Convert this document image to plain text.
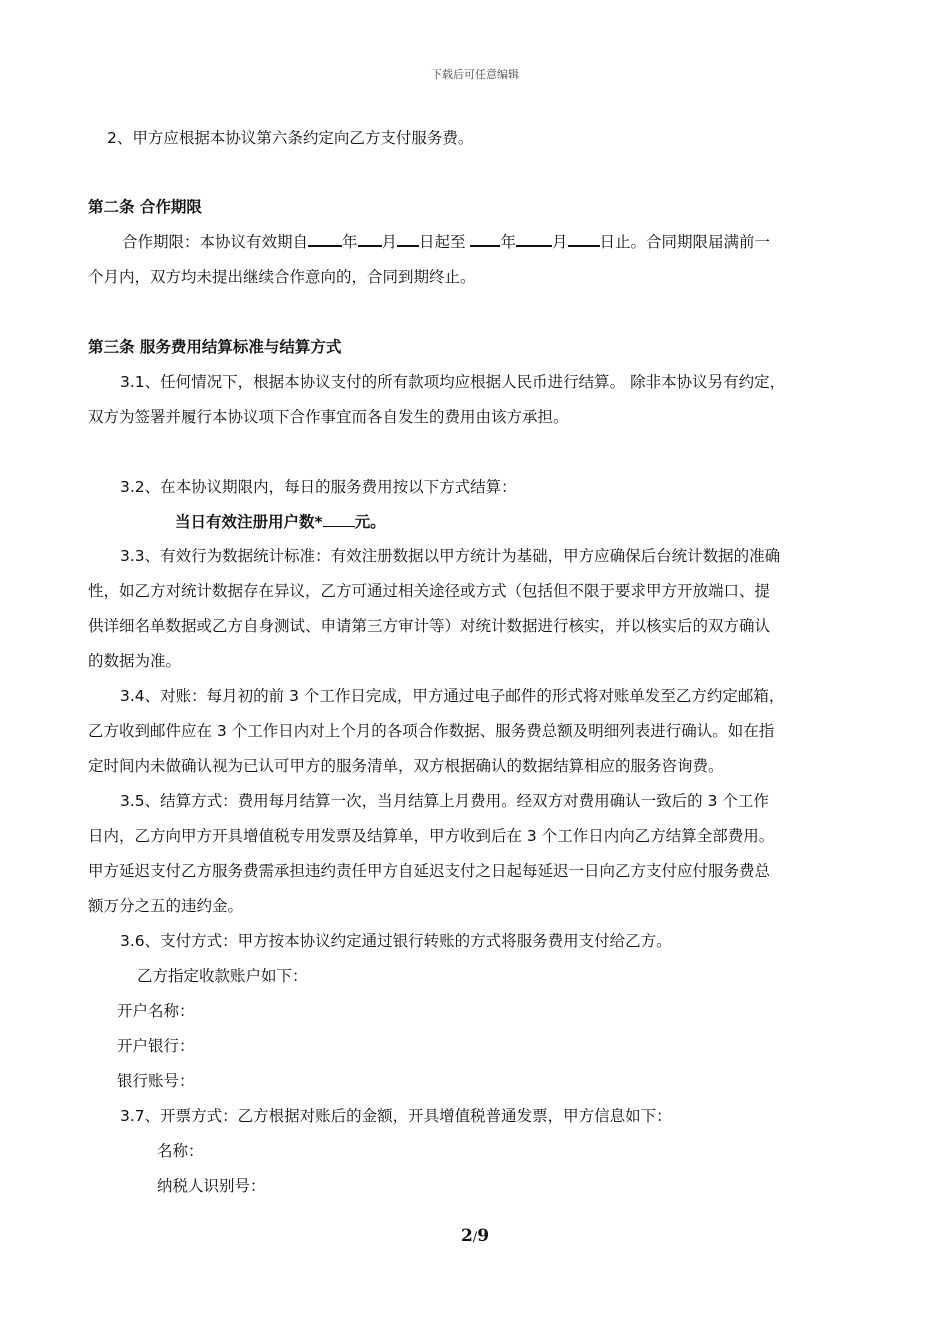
下载后可任意编辑
2、甲方应根据本协议第六条约定向乙方支付服务费。
第二条 合作期限
合作期限：本协议有效期自 年 月 日起至 年 月 日止。合同期限届满前一
个月内，双方均未提出继续合作意向的，合同到期终止。
第三条 服务费用结算标准与结算方式
3.1、任何情况下，根据本协议支付的所有款项均应根据人民币进行结算。 除非本协议另有约定，
双方为签署并履行本协议项下合作事宜而各自发生的费用由该方承担。
3.2、在本协议期限内，每日的服务费用按以下方式结算：
当日有效注册用户数* 元。
3.3、有效行为数据统计标准：有效注册数据以甲方统计为基础，甲方应确保后台统计数据的准确
性，如乙方对统计数据存在异议，乙方可通过相关途径或方式（包括但不限于要求甲方开放端口、提
供详细名单数据或乙方自身测试、申请第三方审计等）对统计数据进行核实，并以核实后的双方确认
的数据为准。
3.4、对账：每月初的前 3 个工作日完成，甲方通过电子邮件的形式将对账单发至乙方约定邮箱，
乙方收到邮件应在 3 个工作日内对上个月的各项合作数据、服务费总额及明细列表进行确认。如在指
定时间内未做确认视为已认可甲方的服务清单，双方根据确认的数据结算相应的服务咨询费。
3.5、结算方式：费用每月结算一次，当月结算上月费用。经双方对费用确认一致后的 3 个工作
日内，乙方向甲方开具增值税专用发票及结算单，甲方收到后在 3 个工作日内向乙方结算全部费用。
甲方延迟支付乙方服务费需承担违约责任甲方自延迟支付之日起每延迟一日向乙方支付应付服务费总
额万分之五的违约金。
3.6、支付方式：甲方按本协议约定通过银行转账的方式将服务费用支付给乙方。
乙方指定收款账户如下：
开户名称：
开户银行：
银行账号：
3.7、开票方式：乙方根据对账后的金额，开具增值税普通发票，甲方信息如下：
名称：
纳税人识别号：
2/9
